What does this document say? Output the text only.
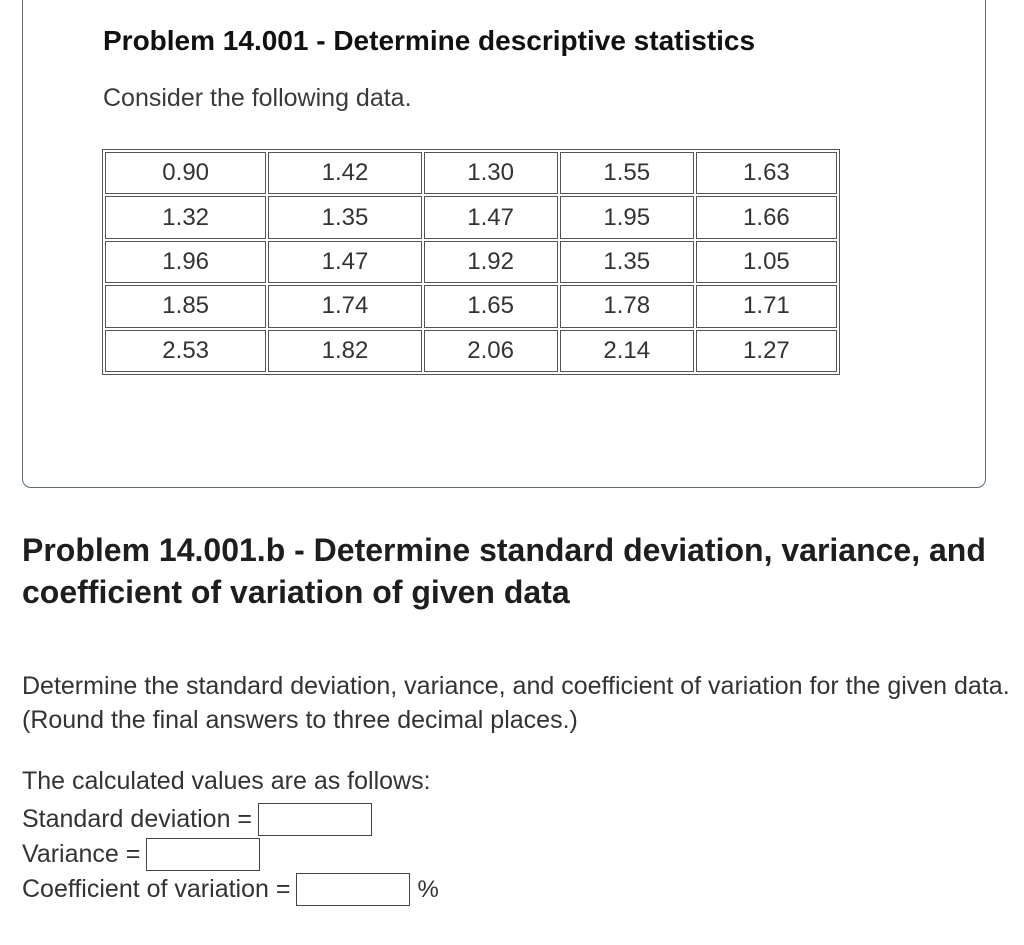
Problem 14.001 - Determine descriptive statistics

Consider the following data.

0.90	1.42	1.30	1.55	1.63
1.32	1.35	1.47	1.95	1.66
1.96	1.47	1.92	1.35	1.05
1.85	1.74	1.65	1.78	1.71
2.53	1.82	2.06	2.14	1.27
Problem 14.001.b - Determine standard deviation, variance, and coefficient of variation of given data

Determine the standard deviation, variance, and coefficient of variation for the given data. (Round the final answers to three decimal places.)

The calculated values are as follows:

Standard deviation =
Variance =
Coefficient of variation =	%
